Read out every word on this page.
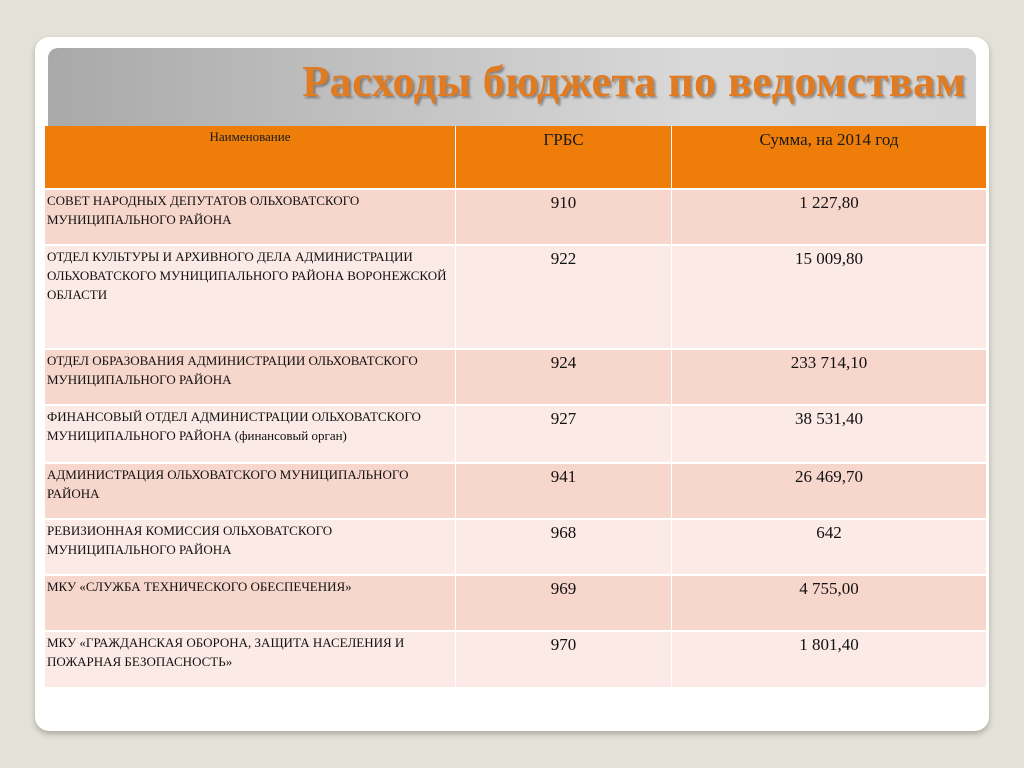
Расходы бюджета по ведомствам
Наименование	ГРБС	Сумма, на 2014 год
СОВЕТ НАРОДНЫХ ДЕПУТАТОВ ОЛЬХОВАТСКОГО МУНИЦИПАЛЬНОГО РАЙОНА	910	1 227,80
ОТДЕЛ КУЛЬТУРЫ И АРХИВНОГО ДЕЛА АДМИНИСТРАЦИИ ОЛЬХОВАТСКОГО МУНИЦИПАЛЬНОГО РАЙОНА ВОРОНЕЖСКОЙ ОБЛАСТИ	922	15 009,80
ОТДЕЛ ОБРАЗОВАНИЯ АДМИНИСТРАЦИИ ОЛЬХОВАТСКОГО МУНИЦИПАЛЬНОГО РАЙОНА	924	233 714,10
ФИНАНСОВЫЙ ОТДЕЛ АДМИНИСТРАЦИИ ОЛЬХОВАТСКОГО МУНИЦИПАЛЬНОГО РАЙОНА (финансовый орган)	927	38 531,40
АДМИНИСТРАЦИЯ ОЛЬХОВАТСКОГО МУНИЦИПАЛЬНОГО РАЙОНА	941	26 469,70
РЕВИЗИОННАЯ КОМИССИЯ ОЛЬХОВАТСКОГО МУНИЦИПАЛЬНОГО РАЙОНА	968	642
МКУ «СЛУЖБА ТЕХНИЧЕСКОГО ОБЕСПЕЧЕНИЯ»	969	4 755,00
МКУ «ГРАЖДАНСКАЯ ОБОРОНА, ЗАЩИТА НАСЕЛЕНИЯ И ПОЖАРНАЯ БЕЗОПАСНОСТЬ»	970	1 801,40
